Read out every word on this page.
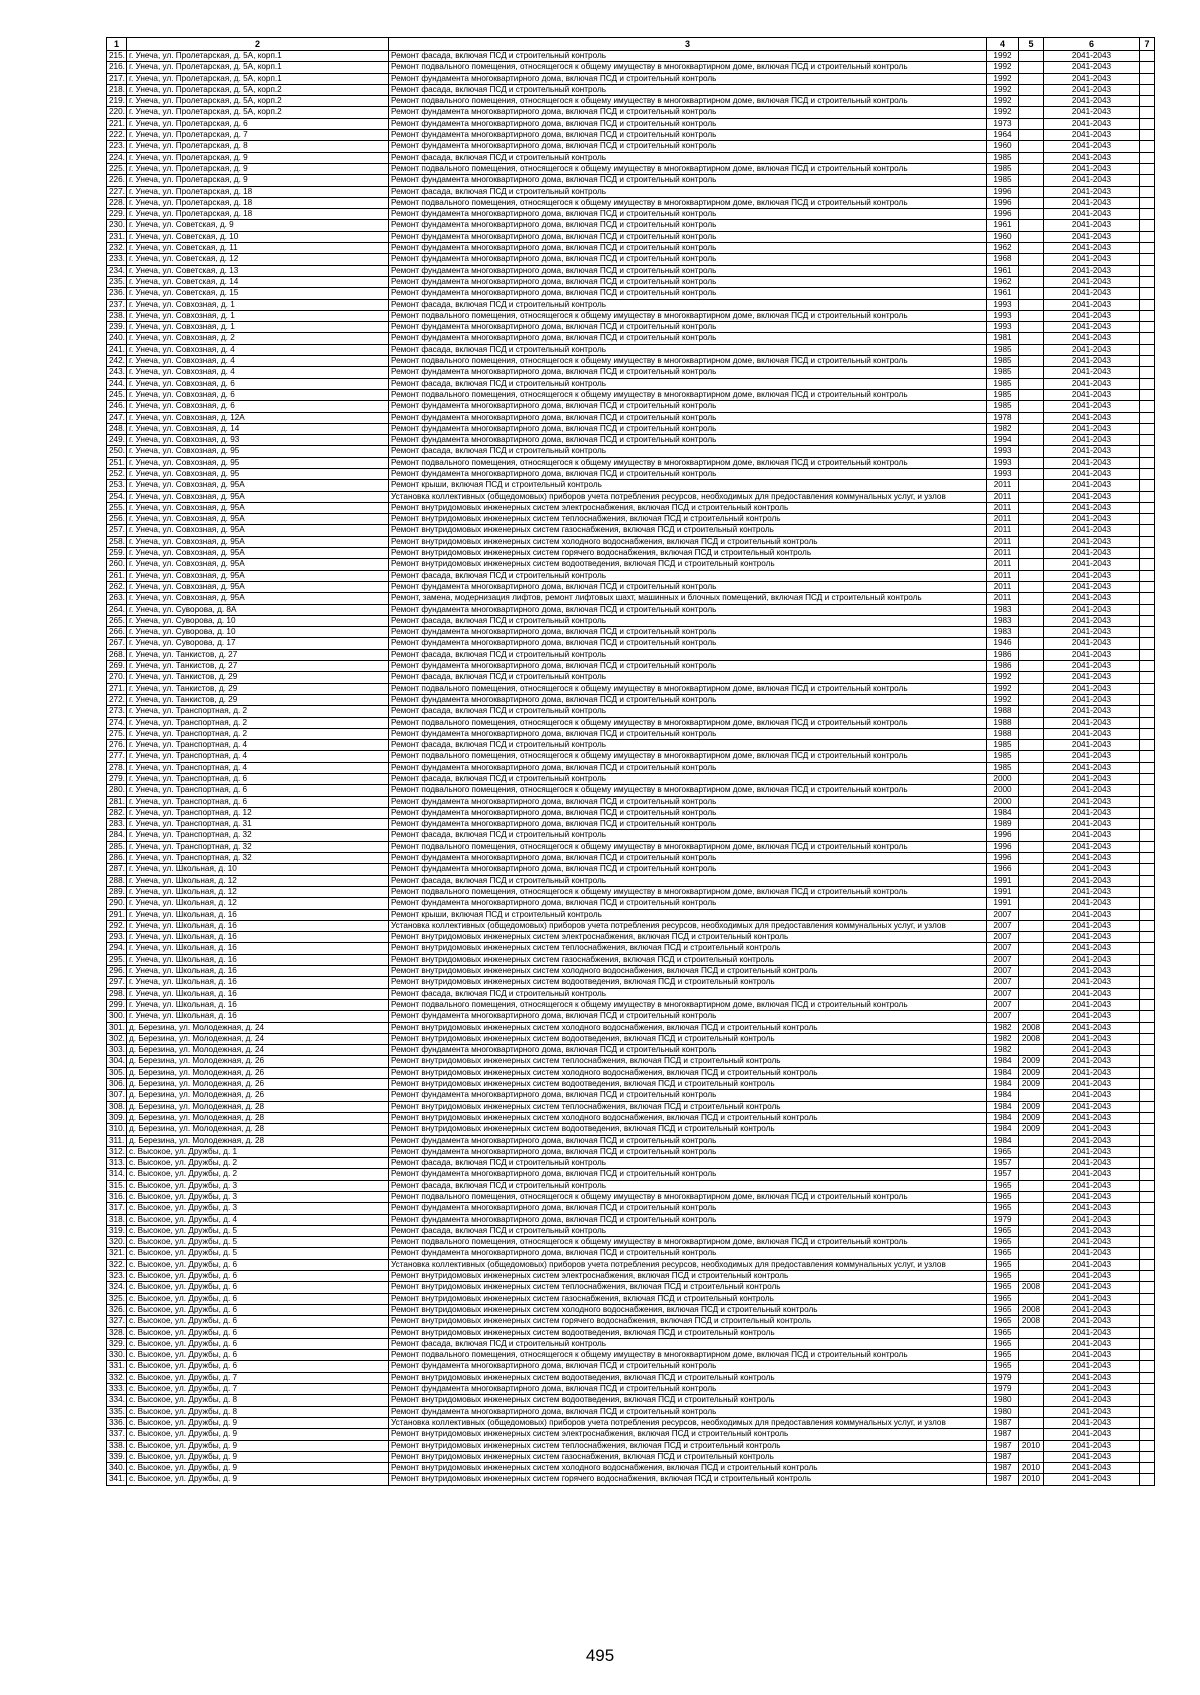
1	2	3	4	5	6	7
215.	г. Унеча, ул. Пролетарская, д. 5А, корп.1	Ремонт фасада, включая ПСД и строительный контроль	1992		2041-2043	
216.	г. Унеча, ул. Пролетарская, д. 5А, корп.1	Ремонт подвального помещения, относящегося к общему имуществу в многоквартирном доме, включая ПСД и строительный контроль	1992		2041-2043	
217.	г. Унеча, ул. Пролетарская, д. 5А, корп.1	Ремонт фундамента многоквартирного дома, включая ПСД и строительный контроль	1992		2041-2043	
218.	г. Унеча, ул. Пролетарская, д. 5А, корп.2	Ремонт фасада, включая ПСД и строительный контроль	1992		2041-2043	
219.	г. Унеча, ул. Пролетарская, д. 5А, корп.2	Ремонт подвального помещения, относящегося к общему имуществу в многоквартирном доме, включая ПСД и строительный контроль	1992		2041-2043	
220.	г. Унеча, ул. Пролетарская, д. 5А, корп.2	Ремонт фундамента многоквартирного дома, включая ПСД и строительный контроль	1992		2041-2043	
221.	г. Унеча, ул. Пролетарская, д. 6	Ремонт фундамента многоквартирного дома, включая ПСД и строительный контроль	1973		2041-2043	
222.	г. Унеча, ул. Пролетарская, д. 7	Ремонт фундамента многоквартирного дома, включая ПСД и строительный контроль	1964		2041-2043	
223.	г. Унеча, ул. Пролетарская, д. 8	Ремонт фундамента многоквартирного дома, включая ПСД и строительный контроль	1960		2041-2043	
224.	г. Унеча, ул. Пролетарская, д. 9	Ремонт фасада, включая ПСД и строительный контроль	1985		2041-2043	
225.	г. Унеча, ул. Пролетарская, д. 9	Ремонт подвального помещения, относящегося к общему имуществу в многоквартирном доме, включая ПСД и строительный контроль	1985		2041-2043	
226.	г. Унеча, ул. Пролетарская, д. 9	Ремонт фундамента многоквартирного дома, включая ПСД и строительный контроль	1985		2041-2043	
227.	г. Унеча, ул. Пролетарская, д. 18	Ремонт фасада, включая ПСД и строительный контроль	1996		2041-2043	
228.	г. Унеча, ул. Пролетарская, д. 18	Ремонт подвального помещения, относящегося к общему имуществу в многоквартирном доме, включая ПСД и строительный контроль	1996		2041-2043	
229.	г. Унеча, ул. Пролетарская, д. 18	Ремонт фундамента многоквартирного дома, включая ПСД и строительный контроль	1996		2041-2043	
230.	г. Унеча, ул. Советская, д. 9	Ремонт фундамента многоквартирного дома, включая ПСД и строительный контроль	1961		2041-2043	
231.	г. Унеча, ул. Советская, д. 10	Ремонт фундамента многоквартирного дома, включая ПСД и строительный контроль	1960		2041-2043	
232.	г. Унеча, ул. Советская, д. 11	Ремонт фундамента многоквартирного дома, включая ПСД и строительный контроль	1962		2041-2043	
233.	г. Унеча, ул. Советская, д. 12	Ремонт фундамента многоквартирного дома, включая ПСД и строительный контроль	1968		2041-2043	
234.	г. Унеча, ул. Советская, д. 13	Ремонт фундамента многоквартирного дома, включая ПСД и строительный контроль	1961		2041-2043	
235.	г. Унеча, ул. Советская, д. 14	Ремонт фундамента многоквартирного дома, включая ПСД и строительный контроль	1962		2041-2043	
236.	г. Унеча, ул. Советская, д. 15	Ремонт фундамента многоквартирного дома, включая ПСД и строительный контроль	1961		2041-2043	
237.	г. Унеча, ул. Совхозная, д. 1	Ремонт фасада, включая ПСД и строительный контроль	1993		2041-2043	
238.	г. Унеча, ул. Совхозная, д. 1	Ремонт подвального помещения, относящегося к общему имуществу в многоквартирном доме, включая ПСД и строительный контроль	1993		2041-2043	
239.	г. Унеча, ул. Совхозная, д. 1	Ремонт фундамента многоквартирного дома, включая ПСД и строительный контроль	1993		2041-2043	
240.	г. Унеча, ул. Совхозная, д. 2	Ремонт фундамента многоквартирного дома, включая ПСД и строительный контроль	1981		2041-2043	
241.	г. Унеча, ул. Совхозная, д. 4	Ремонт фасада, включая ПСД и строительный контроль	1985		2041-2043	
242.	г. Унеча, ул. Совхозная, д. 4	Ремонт подвального помещения, относящегося к общему имуществу в многоквартирном доме, включая ПСД и строительный контроль	1985		2041-2043	
243.	г. Унеча, ул. Совхозная, д. 4	Ремонт фундамента многоквартирного дома, включая ПСД и строительный контроль	1985		2041-2043	
244.	г. Унеча, ул. Совхозная, д. 6	Ремонт фасада, включая ПСД и строительный контроль	1985		2041-2043	
245.	г. Унеча, ул. Совхозная, д. 6	Ремонт подвального помещения, относящегося к общему имуществу в многоквартирном доме, включая ПСД и строительный контроль	1985		2041-2043	
246.	г. Унеча, ул. Совхозная, д. 6	Ремонт фундамента многоквартирного дома, включая ПСД и строительный контроль	1985		2041-2043	
247.	г. Унеча, ул. Совхозная, д. 12А	Ремонт фундамента многоквартирного дома, включая ПСД и строительный контроль	1978		2041-2043	
248.	г. Унеча, ул. Совхозная, д. 14	Ремонт фундамента многоквартирного дома, включая ПСД и строительный контроль	1982		2041-2043	
249.	г. Унеча, ул. Совхозная, д. 93	Ремонт фундамента многоквартирного дома, включая ПСД и строительный контроль	1994		2041-2043	
250.	г. Унеча, ул. Совхозная, д. 95	Ремонт фасада, включая ПСД и строительный контроль	1993		2041-2043	
251.	г. Унеча, ул. Совхозная, д. 95	Ремонт подвального помещения, относящегося к общему имуществу в многоквартирном доме, включая ПСД и строительный контроль	1993		2041-2043	
252.	г. Унеча, ул. Совхозная, д. 95	Ремонт фундамента многоквартирного дома, включая ПСД и строительный контроль	1993		2041-2043	
253.	г. Унеча, ул. Совхозная, д. 95А	Ремонт крыши, включая ПСД и строительный контроль	2011		2041-2043	
254.	г. Унеча, ул. Совхозная, д. 95А	Установка коллективных (общедомовых) приборов учета потребления ресурсов, необходимых для предоставления коммунальных услуг, и узлов	2011		2041-2043	
255.	г. Унеча, ул. Совхозная, д. 95А	Ремонт внутридомовых инженерных систем электроснабжения, включая ПСД и строительный контроль	2011		2041-2043	
256.	г. Унеча, ул. Совхозная, д. 95А	Ремонт внутридомовых инженерных систем теплоснабжения, включая ПСД и строительный контроль	2011		2041-2043	
257.	г. Унеча, ул. Совхозная, д. 95А	Ремонт внутридомовых инженерных систем газоснабжения, включая ПСД и строительный контроль	2011		2041-2043	
258.	г. Унеча, ул. Совхозная, д. 95А	Ремонт внутридомовых инженерных систем холодного водоснабжения, включая ПСД и строительный контроль	2011		2041-2043	
259.	г. Унеча, ул. Совхозная, д. 95А	Ремонт внутридомовых инженерных систем горячего водоснабжения, включая ПСД и строительный контроль	2011		2041-2043	
260.	г. Унеча, ул. Совхозная, д. 95А	Ремонт внутридомовых инженерных систем водоотведения, включая ПСД и строительный контроль	2011		2041-2043	
261.	г. Унеча, ул. Совхозная, д. 95А	Ремонт фасада, включая ПСД и строительный контроль	2011		2041-2043	
262.	г. Унеча, ул. Совхозная, д. 95А	Ремонт фундамента многоквартирного дома, включая ПСД и строительный контроль	2011		2041-2043	
263.	г. Унеча, ул. Совхозная, д. 95А	Ремонт, замена, модернизация лифтов, ремонт лифтовых шахт, машинных и блочных помещений, включая ПСД и строительный контроль	2011		2041-2043	
264.	г. Унеча, ул. Суворова, д. 8А	Ремонт фундамента многоквартирного дома, включая ПСД и строительный контроль	1983		2041-2043	
265.	г. Унеча, ул. Суворова, д. 10	Ремонт фасада, включая ПСД и строительный контроль	1983		2041-2043	
266.	г. Унеча, ул. Суворова, д. 10	Ремонт фундамента многоквартирного дома, включая ПСД и строительный контроль	1983		2041-2043	
267.	г. Унеча, ул. Суворова, д. 17	Ремонт фундамента многоквартирного дома, включая ПСД и строительный контроль	1946		2041-2043	
268.	г. Унеча, ул. Танкистов, д. 27	Ремонт фасада, включая ПСД и строительный контроль	1986		2041-2043	
269.	г. Унеча, ул. Танкистов, д. 27	Ремонт фундамента многоквартирного дома, включая ПСД и строительный контроль	1986		2041-2043	
270.	г. Унеча, ул. Танкистов, д. 29	Ремонт фасада, включая ПСД и строительный контроль	1992		2041-2043	
271.	г. Унеча, ул. Танкистов, д. 29	Ремонт подвального помещения, относящегося к общему имуществу в многоквартирном доме, включая ПСД и строительный контроль	1992		2041-2043	
272.	г. Унеча, ул. Танкистов, д. 29	Ремонт фундамента многоквартирного дома, включая ПСД и строительный контроль	1992		2041-2043	
273.	г. Унеча, ул. Транспортная, д. 2	Ремонт фасада, включая ПСД и строительный контроль	1988		2041-2043	
274.	г. Унеча, ул. Транспортная, д. 2	Ремонт подвального помещения, относящегося к общему имуществу в многоквартирном доме, включая ПСД и строительный контроль	1988		2041-2043	
275.	г. Унеча, ул. Транспортная, д. 2	Ремонт фундамента многоквартирного дома, включая ПСД и строительный контроль	1988		2041-2043	
276.	г. Унеча, ул. Транспортная, д. 4	Ремонт фасада, включая ПСД и строительный контроль	1985		2041-2043	
277.	г. Унеча, ул. Транспортная, д. 4	Ремонт подвального помещения, относящегося к общему имуществу в многоквартирном доме, включая ПСД и строительный контроль	1985		2041-2043	
278.	г. Унеча, ул. Транспортная, д. 4	Ремонт фундамента многоквартирного дома, включая ПСД и строительный контроль	1985		2041-2043	
279.	г. Унеча, ул. Транспортная, д. 6	Ремонт фасада, включая ПСД и строительный контроль	2000		2041-2043	
280.	г. Унеча, ул. Транспортная, д. 6	Ремонт подвального помещения, относящегося к общему имуществу в многоквартирном доме, включая ПСД и строительный контроль	2000		2041-2043	
281.	г. Унеча, ул. Транспортная, д. 6	Ремонт фундамента многоквартирного дома, включая ПСД и строительный контроль	2000		2041-2043	
282.	г. Унеча, ул. Транспортная, д. 12	Ремонт фундамента многоквартирного дома, включая ПСД и строительный контроль	1984		2041-2043	
283.	г. Унеча, ул. Транспортная, д. 31	Ремонт фундамента многоквартирного дома, включая ПСД и строительный контроль	1989		2041-2043	
284.	г. Унеча, ул. Транспортная, д. 32	Ремонт фасада, включая ПСД и строительный контроль	1996		2041-2043	
285.	г. Унеча, ул. Транспортная, д. 32	Ремонт подвального помещения, относящегося к общему имуществу в многоквартирном доме, включая ПСД и строительный контроль	1996		2041-2043	
286.	г. Унеча, ул. Транспортная, д. 32	Ремонт фундамента многоквартирного дома, включая ПСД и строительный контроль	1996		2041-2043	
287.	г. Унеча, ул. Школьная, д. 10	Ремонт фундамента многоквартирного дома, включая ПСД и строительный контроль	1966		2041-2043	
288.	г. Унеча, ул. Школьная, д. 12	Ремонт фасада, включая ПСД и строительный контроль	1991		2041-2043	
289.	г. Унеча, ул. Школьная, д. 12	Ремонт подвального помещения, относящегося к общему имуществу в многоквартирном доме, включая ПСД и строительный контроль	1991		2041-2043	
290.	г. Унеча, ул. Школьная, д. 12	Ремонт фундамента многоквартирного дома, включая ПСД и строительный контроль	1991		2041-2043	
291.	г. Унеча, ул. Школьная, д. 16	Ремонт крыши, включая ПСД и строительный контроль	2007		2041-2043	
292.	г. Унеча, ул. Школьная, д. 16	Установка коллективных (общедомовых) приборов учета потребления ресурсов, необходимых для предоставления коммунальных услуг, и узлов	2007		2041-2043	
293.	г. Унеча, ул. Школьная, д. 16	Ремонт внутридомовых инженерных систем электроснабжения, включая ПСД и строительный контроль	2007		2041-2043	
294.	г. Унеча, ул. Школьная, д. 16	Ремонт внутридомовых инженерных систем теплоснабжения, включая ПСД и строительный контроль	2007		2041-2043	
295.	г. Унеча, ул. Школьная, д. 16	Ремонт внутридомовых инженерных систем газоснабжения, включая ПСД и строительный контроль	2007		2041-2043	
296.	г. Унеча, ул. Школьная, д. 16	Ремонт внутридомовых инженерных систем холодного водоснабжения, включая ПСД и строительный контроль	2007		2041-2043	
297.	г. Унеча, ул. Школьная, д. 16	Ремонт внутридомовых инженерных систем водоотведения, включая ПСД и строительный контроль	2007		2041-2043	
298.	г. Унеча, ул. Школьная, д. 16	Ремонт фасада, включая ПСД и строительный контроль	2007		2041-2043	
299.	г. Унеча, ул. Школьная, д. 16	Ремонт подвального помещения, относящегося к общему имуществу в многоквартирном доме, включая ПСД и строительный контроль	2007		2041-2043	
300.	г. Унеча, ул. Школьная, д. 16	Ремонт фундамента многоквартирного дома, включая ПСД и строительный контроль	2007		2041-2043	
301.	д. Березина, ул. Молодежная, д. 24	Ремонт внутридомовых инженерных систем холодного водоснабжения, включая ПСД и строительный контроль	1982	2008	2041-2043	
302.	д. Березина, ул. Молодежная, д. 24	Ремонт внутридомовых инженерных систем водоотведения, включая ПСД и строительный контроль	1982	2008	2041-2043	
303.	д. Березина, ул. Молодежная, д. 24	Ремонт фундамента многоквартирного дома, включая ПСД и строительный контроль	1982		2041-2043	
304.	д. Березина, ул. Молодежная, д. 26	Ремонт внутридомовых инженерных систем теплоснабжения, включая ПСД и строительный контроль	1984	2009	2041-2043	
305.	д. Березина, ул. Молодежная, д. 26	Ремонт внутридомовых инженерных систем холодного водоснабжения, включая ПСД и строительный контроль	1984	2009	2041-2043	
306.	д. Березина, ул. Молодежная, д. 26	Ремонт внутридомовых инженерных систем водоотведения, включая ПСД и строительный контроль	1984	2009	2041-2043	
307.	д. Березина, ул. Молодежная, д. 26	Ремонт фундамента многоквартирного дома, включая ПСД и строительный контроль	1984		2041-2043	
308.	д. Березина, ул. Молодежная, д. 28	Ремонт внутридомовых инженерных систем теплоснабжения, включая ПСД и строительный контроль	1984	2009	2041-2043	
309.	д. Березина, ул. Молодежная, д. 28	Ремонт внутридомовых инженерных систем холодного водоснабжения, включая ПСД и строительный контроль	1984	2009	2041-2043	
310.	д. Березина, ул. Молодежная, д. 28	Ремонт внутридомовых инженерных систем водоотведения, включая ПСД и строительный контроль	1984	2009	2041-2043	
311.	д. Березина, ул. Молодежная, д. 28	Ремонт фундамента многоквартирного дома, включая ПСД и строительный контроль	1984		2041-2043	
312.	с. Высокое, ул. Дружбы, д. 1	Ремонт фундамента многоквартирного дома, включая ПСД и строительный контроль	1965		2041-2043	
313.	с. Высокое, ул. Дружбы, д. 2	Ремонт фасада, включая ПСД и строительный контроль	1957		2041-2043	
314.	с. Высокое, ул. Дружбы, д. 2	Ремонт фундамента многоквартирного дома, включая ПСД и строительный контроль	1957		2041-2043	
315.	с. Высокое, ул. Дружбы, д. 3	Ремонт фасада, включая ПСД и строительный контроль	1965		2041-2043	
316.	с. Высокое, ул. Дружбы, д. 3	Ремонт подвального помещения, относящегося к общему имуществу в многоквартирном доме, включая ПСД и строительный контроль	1965		2041-2043	
317.	с. Высокое, ул. Дружбы, д. 3	Ремонт фундамента многоквартирного дома, включая ПСД и строительный контроль	1965		2041-2043	
318.	с. Высокое, ул. Дружбы, д. 4	Ремонт фундамента многоквартирного дома, включая ПСД и строительный контроль	1979		2041-2043	
319.	с. Высокое, ул. Дружбы, д. 5	Ремонт фасада, включая ПСД и строительный контроль	1965		2041-2043	
320.	с. Высокое, ул. Дружбы, д. 5	Ремонт подвального помещения, относящегося к общему имуществу в многоквартирном доме, включая ПСД и строительный контроль	1965		2041-2043	
321.	с. Высокое, ул. Дружбы, д. 5	Ремонт фундамента многоквартирного дома, включая ПСД и строительный контроль	1965		2041-2043	
322.	с. Высокое, ул. Дружбы, д. 6	Установка коллективных (общедомовых) приборов учета потребления ресурсов, необходимых для предоставления коммунальных услуг, и узлов	1965		2041-2043	
323.	с. Высокое, ул. Дружбы, д. 6	Ремонт внутридомовых инженерных систем электроснабжения, включая ПСД и строительный контроль	1965		2041-2043	
324.	с. Высокое, ул. Дружбы, д. 6	Ремонт внутридомовых инженерных систем теплоснабжения, включая ПСД и строительный контроль	1965	2008	2041-2043	
325.	с. Высокое, ул. Дружбы, д. 6	Ремонт внутридомовых инженерных систем газоснабжения, включая ПСД и строительный контроль	1965		2041-2043	
326.	с. Высокое, ул. Дружбы, д. 6	Ремонт внутридомовых инженерных систем холодного водоснабжения, включая ПСД и строительный контроль	1965	2008	2041-2043	
327.	с. Высокое, ул. Дружбы, д. 6	Ремонт внутридомовых инженерных систем горячего водоснабжения, включая ПСД и строительный контроль	1965	2008	2041-2043	
328.	с. Высокое, ул. Дружбы, д. 6	Ремонт внутридомовых инженерных систем водоотведения, включая ПСД и строительный контроль	1965		2041-2043	
329.	с. Высокое, ул. Дружбы, д. 6	Ремонт фасада, включая ПСД и строительный контроль	1965		2041-2043	
330.	с. Высокое, ул. Дружбы, д. 6	Ремонт подвального помещения, относящегося к общему имуществу в многоквартирном доме, включая ПСД и строительный контроль	1965		2041-2043	
331.	с. Высокое, ул. Дружбы, д. 6	Ремонт фундамента многоквартирного дома, включая ПСД и строительный контроль	1965		2041-2043	
332.	с. Высокое, ул. Дружбы, д. 7	Ремонт внутридомовых инженерных систем водоотведения, включая ПСД и строительный контроль	1979		2041-2043	
333.	с. Высокое, ул. Дружбы, д. 7	Ремонт фундамента многоквартирного дома, включая ПСД и строительный контроль	1979		2041-2043	
334.	с. Высокое, ул. Дружбы, д. 8	Ремонт внутридомовых инженерных систем водоотведения, включая ПСД и строительный контроль	1980		2041-2043	
335.	с. Высокое, ул. Дружбы, д. 8	Ремонт фундамента многоквартирного дома, включая ПСД и строительный контроль	1980		2041-2043	
336.	с. Высокое, ул. Дружбы, д. 9	Установка коллективных (общедомовых) приборов учета потребления ресурсов, необходимых для предоставления коммунальных услуг, и узлов	1987		2041-2043	
337.	с. Высокое, ул. Дружбы, д. 9	Ремонт внутридомовых инженерных систем электроснабжения, включая ПСД и строительный контроль	1987		2041-2043	
338.	с. Высокое, ул. Дружбы, д. 9	Ремонт внутридомовых инженерных систем теплоснабжения, включая ПСД и строительный контроль	1987	2010	2041-2043	
339.	с. Высокое, ул. Дружбы, д. 9	Ремонт внутридомовых инженерных систем газоснабжения, включая ПСД и строительный контроль	1987		2041-2043	
340.	с. Высокое, ул. Дружбы, д. 9	Ремонт внутридомовых инженерных систем холодного водоснабжения, включая ПСД и строительный контроль	1987	2010	2041-2043	
341.	с. Высокое, ул. Дружбы, д. 9	Ремонт внутридомовых инженерных систем горячего водоснабжения, включая ПСД и строительный контроль	1987	2010	2041-2043	
495
